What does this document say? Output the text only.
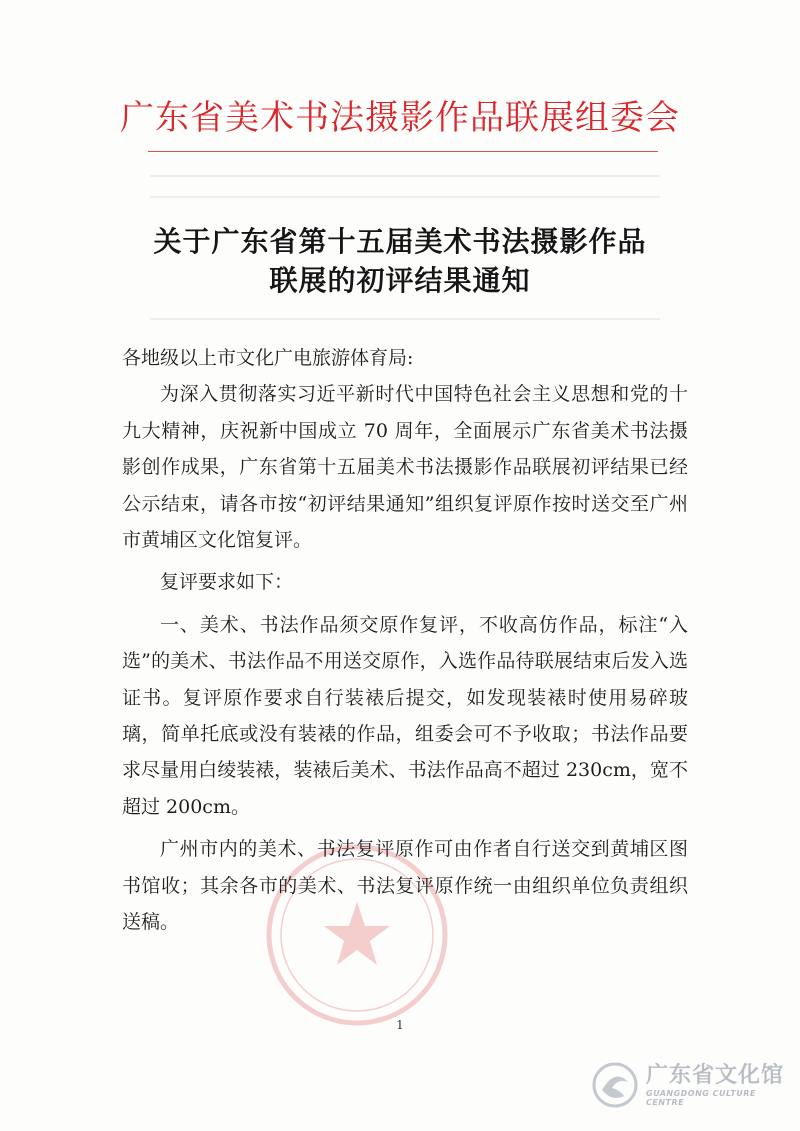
广东省美术书法摄影作品联展组委会
关于广东省第十五届美术书法摄影作品
联展的初评结果通知

各地级以上市文化广电旅游体育局:

为深入贯彻落实习近平新时代中国特色社会主义思想和党的十九大精神，庆祝新中国成立 70 周年，全面展示广东省美术书法摄影创作成果，广东省第十五届美术书法摄影作品联展初评结果已经公示结束，请各市按“初评结果通知”组织复评原作按时送交至广州市黄埔区文化馆复评。

复评要求如下：

一、美术、书法作品须交原作复评，不收高仿作品，标注“入选”的美术、书法作品不用送交原作，入选作品待联展结束后发入选证书。复评原作要求自行装裱后提交，如发现装裱时使用易碎玻璃，简单托底或没有装裱的作品，组委会可不予收取；书法作品要求尽量用白绫装裱，装裱后美术、书法作品高不超过 230cm，宽不超过 200cm。

广州市内的美术、书法复评原作可由作者自行送交到黄埔区图书馆收；其余各市的美术、书法复评原作统一由组织单位负责组织送稿。

1
广东省文化馆
GUANGDONG CULTURE CENTRE
